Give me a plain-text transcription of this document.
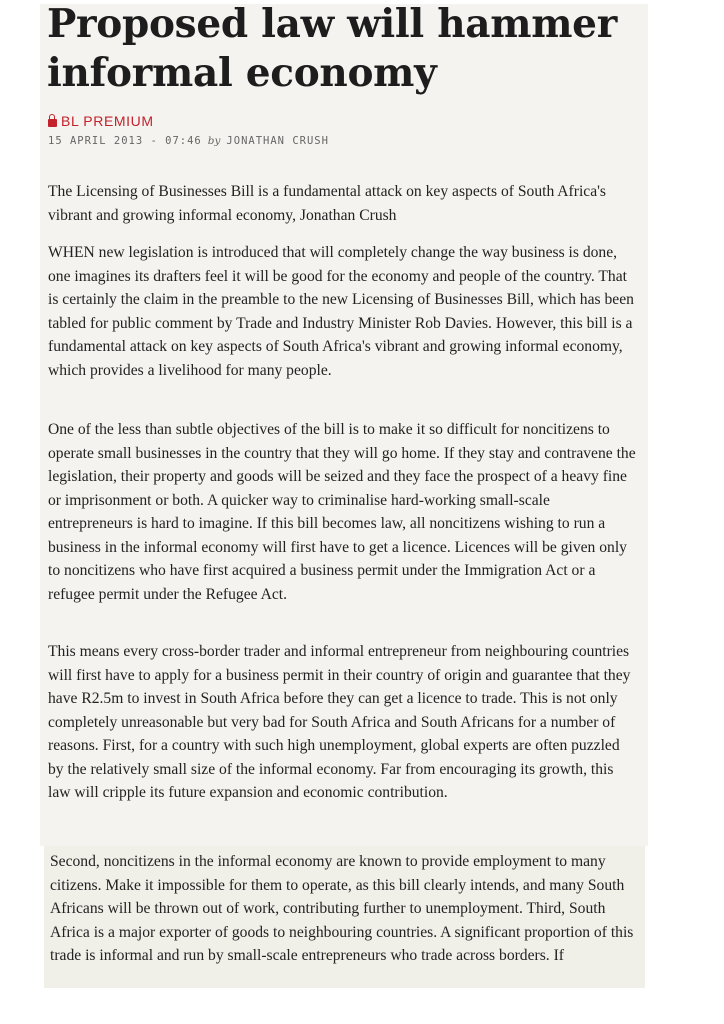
Proposed law will hammer informal economy
BL PREMIUM
15 APRIL 2013 - 07:46 by JONATHAN CRUSH

The Licensing of Businesses Bill is a fundamental attack on key aspects of South Africa's vibrant and growing informal economy, Jonathan Crush

WHEN new legislation is introduced that will completely change the way business is done, one imagines its drafters feel it will be good for the economy and people of the country. That is certainly the claim in the preamble to the new Licensing of Businesses Bill, which has been tabled for public comment by Trade and Industry Minister Rob Davies. However, this bill is a fundamental attack on key aspects of South Africa's vibrant and growing informal economy, which provides a livelihood for many people.

One of the less than subtle objectives of the bill is to make it so difficult for noncitizens to operate small businesses in the country that they will go home. If they stay and contravene the legislation, their property and goods will be seized and they face the prospect of a heavy fine or imprisonment or both. A quicker way to criminalise hard-working small-scale entrepreneurs is hard to imagine. If this bill becomes law, all noncitizens wishing to run a business in the informal economy will first have to get a licence. Licences will be given only to noncitizens who have first acquired a business permit under the Immigration Act or a refugee permit under the Refugee Act.

This means every cross-border trader and informal entrepreneur from neighbouring countries will first have to apply for a business permit in their country of origin and guarantee that they have R2.5m to invest in South Africa before they can get a licence to trade. This is not only completely unreasonable but very bad for South Africa and South Africans for a number of reasons. First, for a country with such high unemployment, global experts are often puzzled by the relatively small size of the informal economy. Far from encouraging its growth, this law will cripple its future expansion and economic contribution.

Second, noncitizens in the informal economy are known to provide employment to many citizens. Make it impossible for them to operate, as this bill clearly intends, and many South Africans will be thrown out of work, contributing further to unemployment. Third, South Africa is a major exporter of goods to neighbouring countries. A significant proportion of this trade is informal and run by small-scale entrepreneurs who trade across borders. If
